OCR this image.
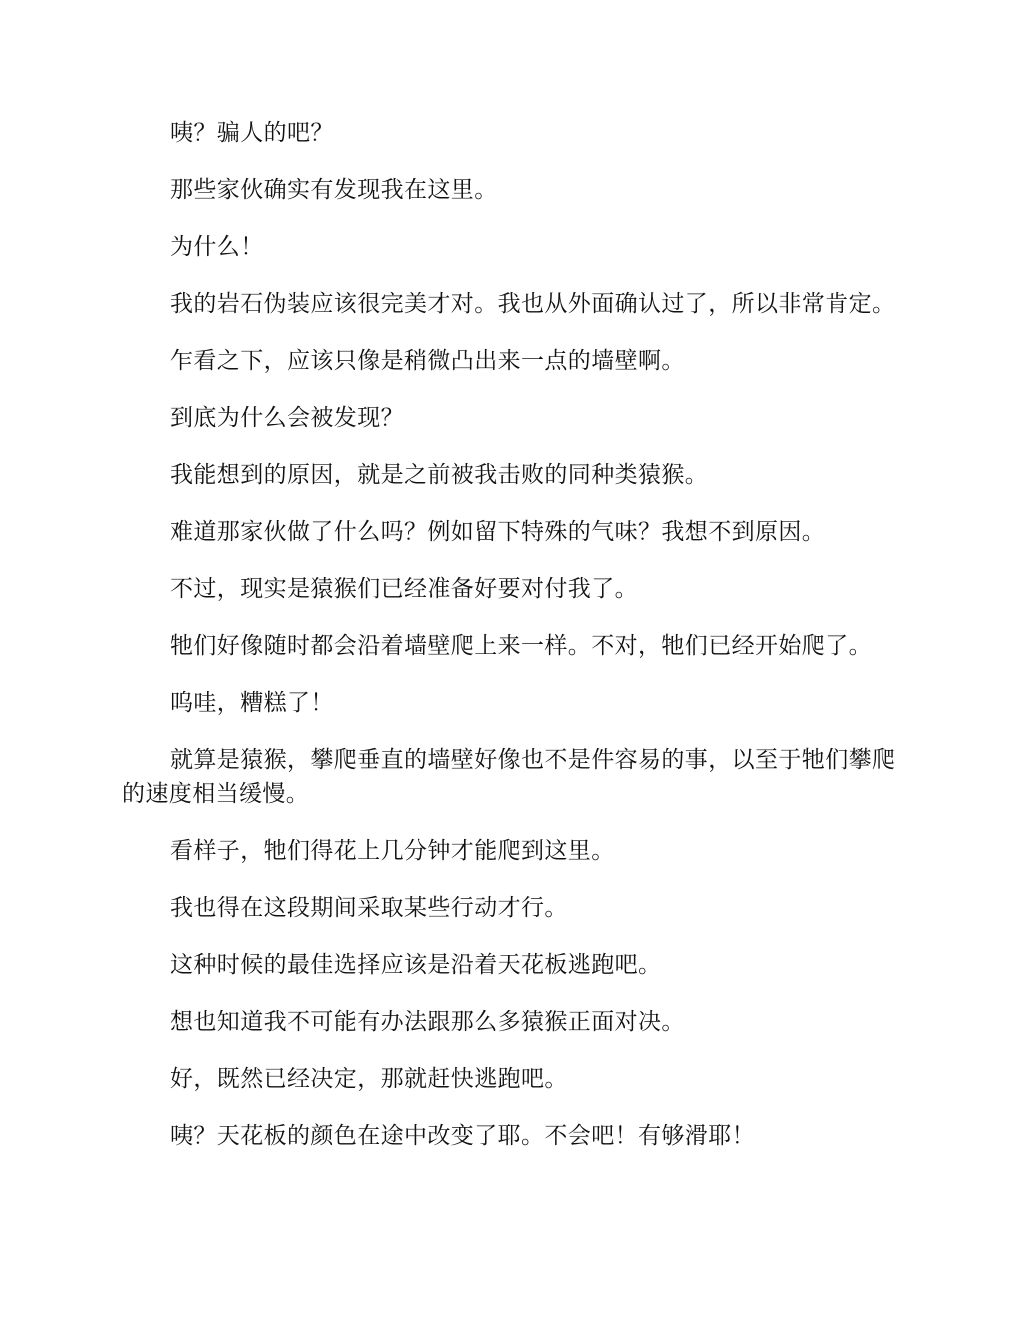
咦？骗人的吧？

那些家伙确实有发现我在这里。

为什么！

我的岩石伪装应该很完美才对。我也从外面确认过了，所以非常肯定。

乍看之下，应该只像是稍微凸出来一点的墙壁啊。

到底为什么会被发现？

我能想到的原因，就是之前被我击败的同种类猿猴。

难道那家伙做了什么吗？例如留下特殊的气味？我想不到原因。

不过，现实是猿猴们已经准备好要对付我了。

牠们好像随时都会沿着墙壁爬上来一样。不对，牠们已经开始爬了。

呜哇，糟糕了！

就算是猿猴，攀爬垂直的墙壁好像也不是件容易的事，以至于牠们攀爬的速度相当缓慢。

看样子，牠们得花上几分钟才能爬到这里。

我也得在这段期间采取某些行动才行。

这种时候的最佳选择应该是沿着天花板逃跑吧。

想也知道我不可能有办法跟那么多猿猴正面对决。

好，既然已经决定，那就赶快逃跑吧。

咦？天花板的颜色在途中改变了耶。不会吧！有够滑耶！
